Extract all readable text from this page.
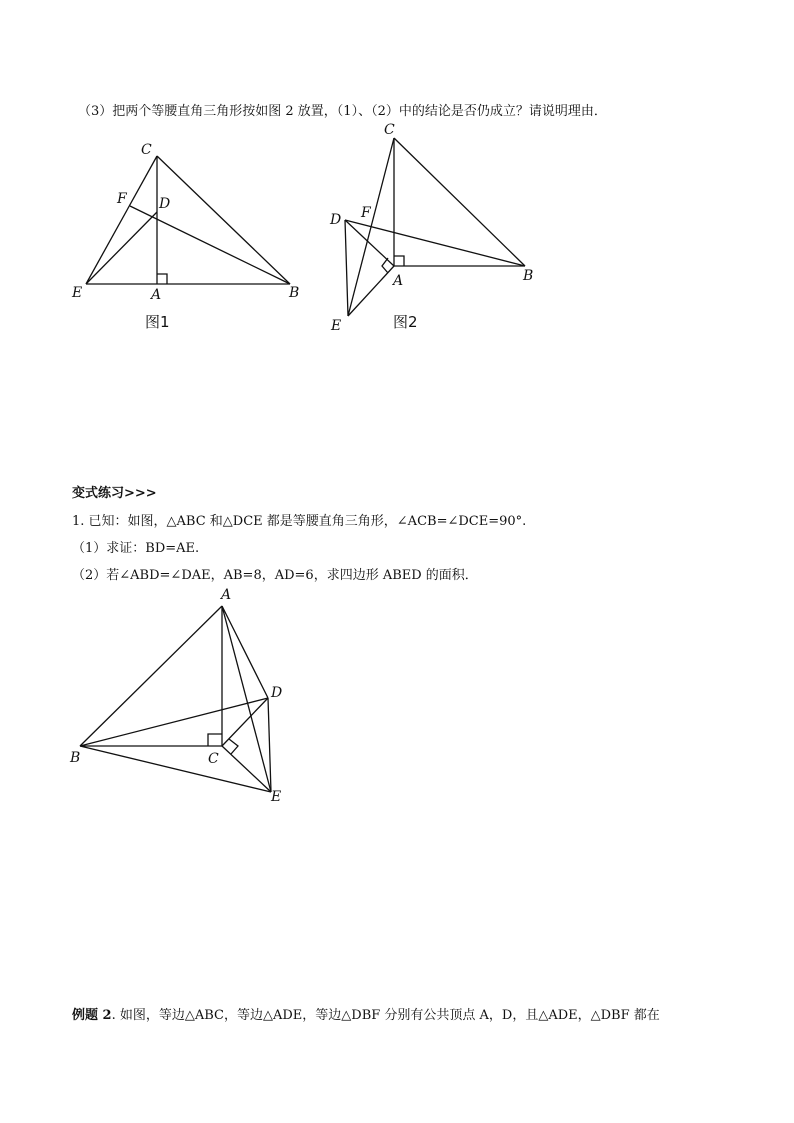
（3）把两个等腰直角三角形按如图 2 放置，（1）、（2）中的结论是否仍成立？请说明理由．
C
F D
E	A	B
图1
C
D F
A	B
E	图2
变式练习>>>
1. 已知：如图，△ABC 和△DCE 都是等腰直角三角形，∠ACB=∠DCE=90°.
（1）求证：BD=AE.
（2）若∠ABD=∠DAE，AB=8，AD=6，求四边形 ABED 的面积．
A
D
B	C
E
例题 2. 如图，等边△ABC，等边△ADE，等边△DBF 分别有公共顶点 A，D，且△ADE，△DBF 都在
